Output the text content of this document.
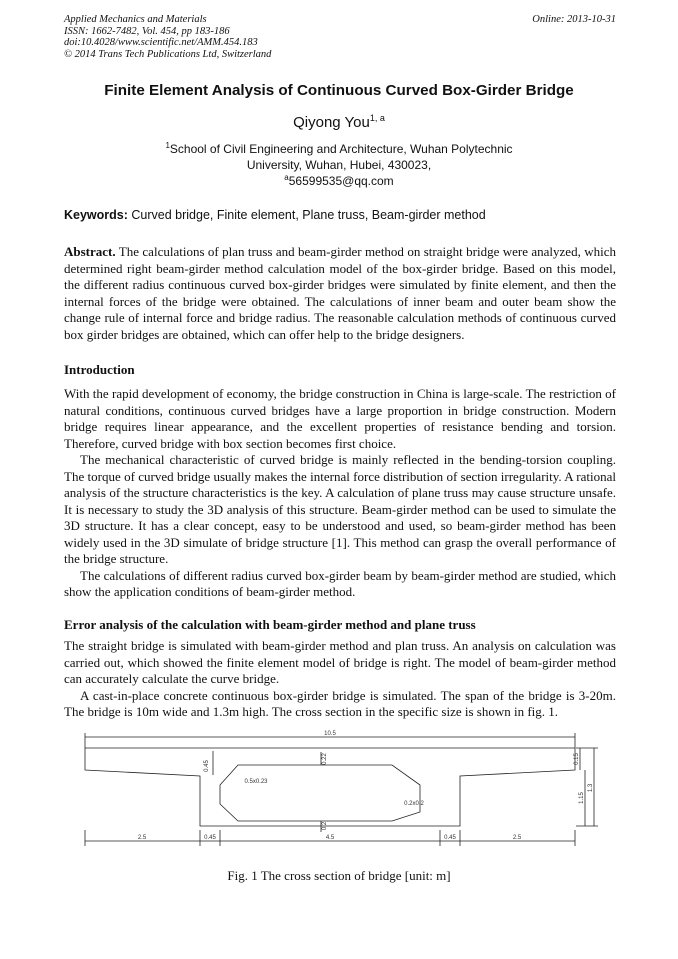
Applied Mechanics and Materials
ISSN: 1662-7482, Vol. 454, pp 183-186
doi:10.4028/www.scientific.net/AMM.454.183
© 2014 Trans Tech Publications Ltd, Switzerland
Online: 2013-10-31
Finite Element Analysis of Continuous Curved Box-Girder Bridge
Qiyong You$^{1, a}$
$^1$School of Civil Engineering and Architecture, Wuhan Polytechnic
University, Wuhan, Hubei, 430023,
$^a$56599535@qq.com
Keywords: Curved bridge, Finite element, Plane truss, Beam-girder method

Abstract. The calculations of plan truss and beam-girder method on straight bridge were analyzed, which determined right beam-girder method calculation model of the box-girder bridge. Based on this model, the different radius continuous curved box-girder bridges were simulated by finite element, and then the internal forces of the bridge were obtained. The calculations of inner beam and outer beam show the change rule of internal force and bridge radius. The reasonable calculation methods of continuous curved box girder bridges are obtained, which can offer help to the bridge designers.

Introduction

With the rapid development of economy, the bridge construction in China is large-scale. The restriction of natural conditions, continuous curved bridges have a large proportion in bridge construction. Modern bridge requires linear appearance, and the excellent properties of resistance bending and torsion. Therefore, curved bridge with box section becomes first choice.

The mechanical characteristic of curved bridge is mainly reflected in the bending-torsion coupling. The torque of curved bridge usually makes the internal force distribution of section irregularity. A rational analysis of the structure characteristics is the key. A calculation of plane truss may cause structure unsafe. It is necessary to study the 3D analysis of this structure. Beam-girder method can be used to simulate the 3D structure. It has a clear concept, easy to be understood and used, so beam-girder method has been widely used in the 3D simulate of bridge structure [1]. This method can grasp the overall performance of the bridge structure.

The calculations of different radius curved box-girder beam by beam-girder method are studied, which show the application conditions of beam-girder method.

Error analysis of the calculation with beam-girder method and plane truss

The straight bridge is simulated with beam-girder method and plan truss. An analysis on calculation was carried out, which showed the finite element model of bridge is right. The model of beam-girder method can accurately calculate the curve bridge.

A cast-in-place concrete continuous box-girder bridge is simulated. The span of the bridge is 3-20m. The bridge is 10m wide and 1.3m high. The cross section in the specific size is shown in fig. 1.

10.5
0.45
0.22
0.5x0.23
0.2x0.2
0.2
0.15
1.15
1.3
2.5	0.45	4.5	0.45	2.5
Fig. 1 The cross section of bridge [unit: m]
